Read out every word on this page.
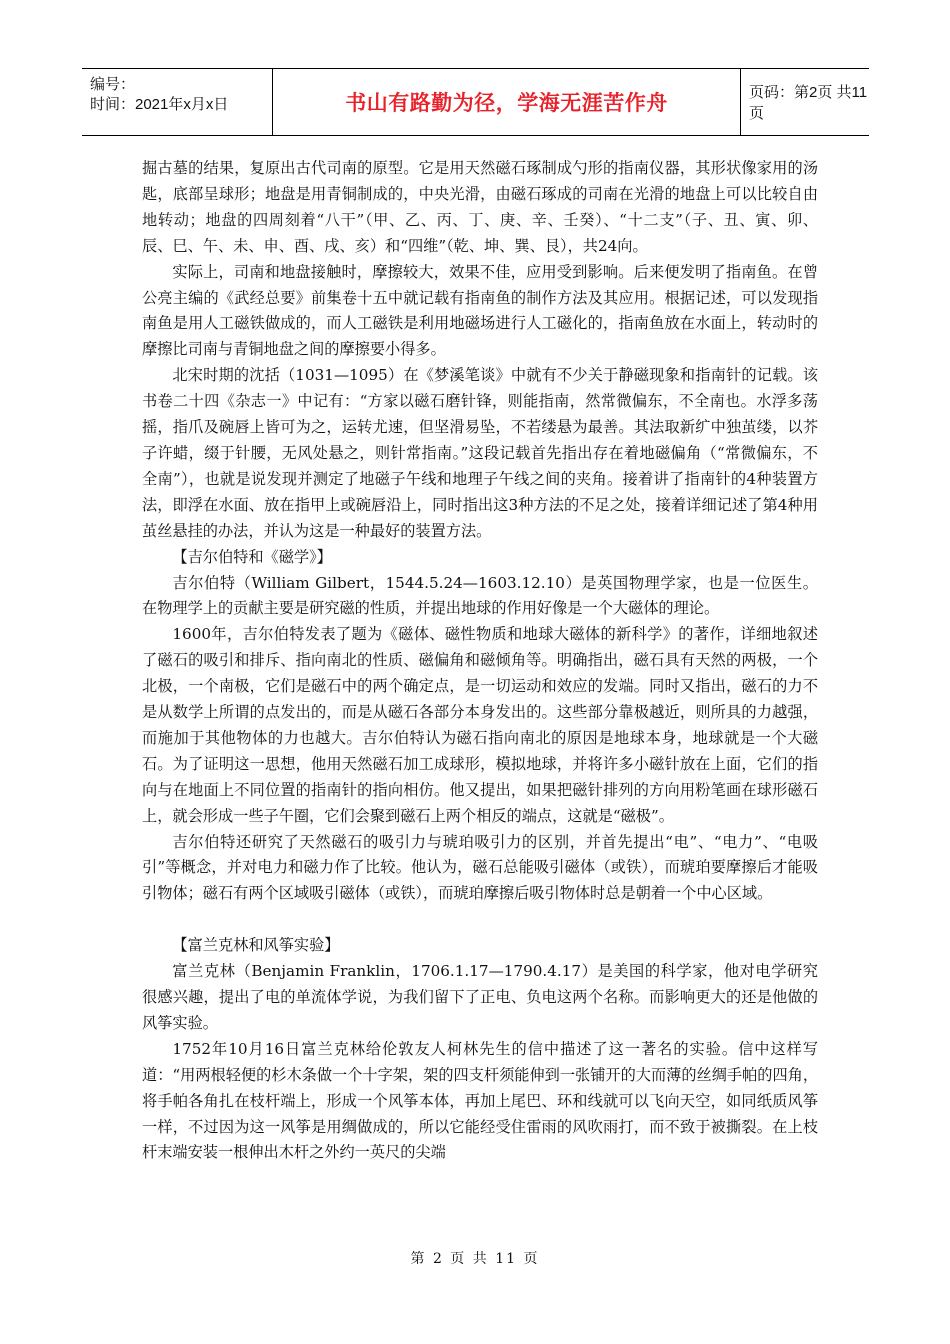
编号：
时间：2021年x月x日	书山有路勤为径，学海无涯苦作舟	页码：第2页 共11页

掘古墓的结果，复原出古代司南的原型。它是用天然磁石琢制成勺形的指南仪器，其形状像家用的汤匙，底部呈球形；地盘是用青铜制成的，中央光滑，由磁石琢成的司南在光滑的地盘上可以比较自由地转动；地盘的四周刻着“八干”（甲、乙、丙、丁、庚、辛、壬癸）、“十二支”（子、丑、寅、卯、辰、巳、午、未、申、酉、戌、亥）和“四维”（乾、坤、巽、艮），共24向。

实际上，司南和地盘接触时，摩擦较大，效果不佳，应用受到影响。后来便发明了指南鱼。在曾公亮主编的《武经总要》前集卷十五中就记载有指南鱼的制作方法及其应用。根据记述，可以发现指南鱼是用人工磁铁做成的，而人工磁铁是利用地磁场进行人工磁化的，指南鱼放在水面上，转动时的摩擦比司南与青铜地盘之间的摩擦要小得多。

北宋时期的沈括（1031—1095）在《梦溪笔谈》中就有不少关于静磁现象和指南针的记载。该书卷二十四《杂志一》中记有：“方家以磁石磨针锋，则能指南，然常微偏东，不全南也。水浮多荡摇，指爪及碗唇上皆可为之，运转尤速，但坚滑易坠，不若缕悬为最善。其法取新纩中独茧缕，以芥子许蜡，缀于针腰，无风处悬之，则针常指南。”这段记载首先指出存在着地磁偏角（“常微偏东，不全南”），也就是说发现并测定了地磁子午线和地理子午线之间的夹角。接着讲了指南针的4种装置方法，即浮在水面、放在指甲上或碗唇沿上，同时指出这3种方法的不足之处，接着详细记述了第4种用茧丝悬挂的办法，并认为这是一种最好的装置方法。

【吉尔伯特和《磁学》】

吉尔伯特（William Gilbert，1544.5.24—1603.12.10）是英国物理学家，也是一位医生。在物理学上的贡献主要是研究磁的性质，并提出地球的作用好像是一个大磁体的理论。

1600年，吉尔伯特发表了题为《磁体、磁性物质和地球大磁体的新科学》的著作，详细地叙述了磁石的吸引和排斥、指向南北的性质、磁偏角和磁倾角等。明确指出，磁石具有天然的两极，一个北极，一个南极，它们是磁石中的两个确定点，是一切运动和效应的发端。同时又指出，磁石的力不是从数学上所谓的点发出的，而是从磁石各部分本身发出的。这些部分靠极越近，则所具的力越强，而施加于其他物体的力也越大。吉尔伯特认为磁石指向南北的原因是地球本身，地球就是一个大磁石。为了证明这一思想，他用天然磁石加工成球形，模拟地球，并将许多小磁针放在上面，它们的指向与在地面上不同位置的指南针的指向相仿。他又提出，如果把磁针排列的方向用粉笔画在球形磁石上，就会形成一些子午圈，它们会聚到磁石上两个相反的端点，这就是“磁极”。

吉尔伯特还研究了天然磁石的吸引力与琥珀吸引力的区别，并首先提出“电”、“电力”、“电吸引”等概念，并对电力和磁力作了比较。他认为，磁石总能吸引磁体（或铁），而琥珀要摩擦后才能吸引物体；磁石有两个区域吸引磁体（或铁），而琥珀摩擦后吸引物体时总是朝着一个中心区域。

【富兰克林和风筝实验】

富兰克林（Benjamin Franklin，1706.1.17—1790.4.17）是美国的科学家，他对电学研究很感兴趣，提出了电的单流体学说，为我们留下了正电、负电这两个名称。而影响更大的还是他做的风筝实验。

1752年10月16日富兰克林给伦敦友人柯林先生的信中描述了这一著名的实验。信中这样写道：“用两根轻便的杉木条做一个十字架，架的四支杆须能伸到一张铺开的大而薄的丝绸手帕的四角，将手帕各角扎在枝杆端上，形成一个风筝本体，再加上尾巴、环和线就可以飞向天空，如同纸质风筝一样，不过因为这一风筝是用绸做成的，所以它能经受住雷雨的风吹雨打，而不致于被撕裂。在上枝杆末端安装一根伸出木杆之外约一英尺的尖端

第 2 页 共 11 页
